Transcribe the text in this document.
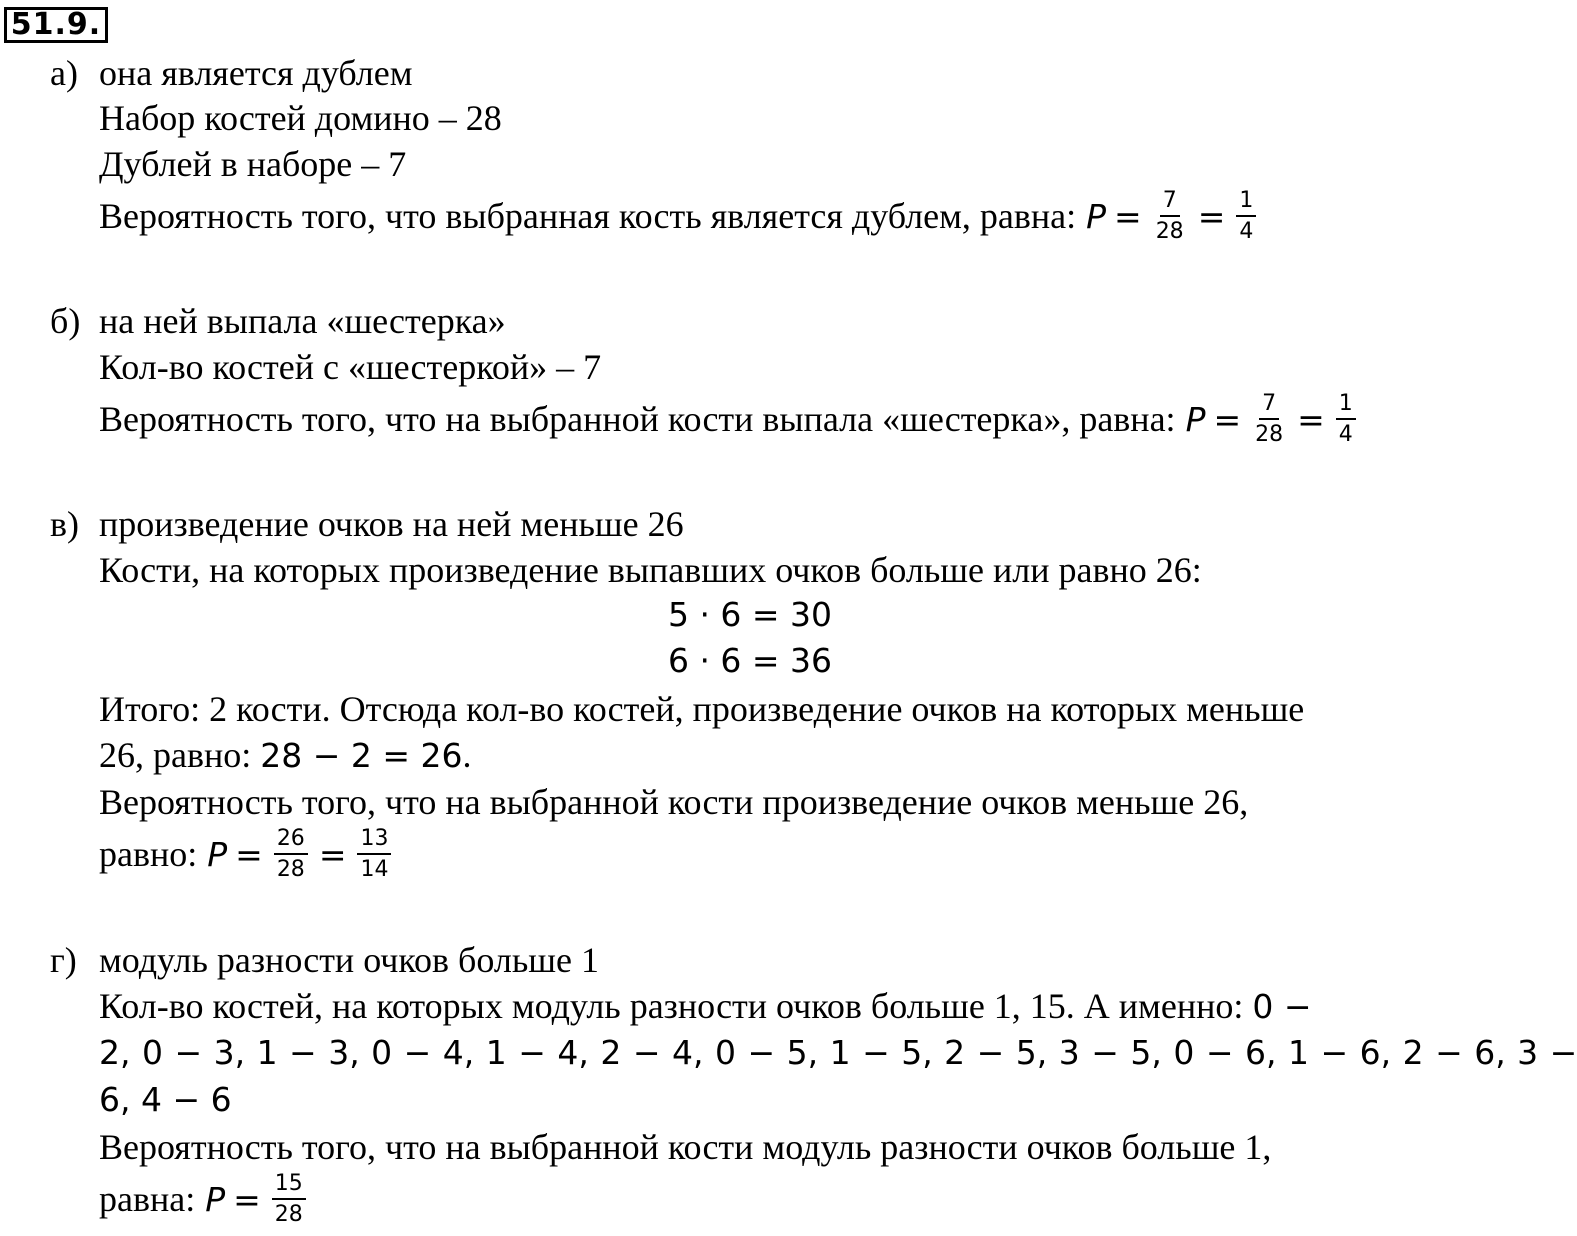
51.9.
а) она является дублем
Набор костей домино – 28
Дублей в наборе – 7
Вероятность того, что выбранная кость является дублем, равна: $P = \frac{7}{28} = \frac{1}{4}$
б) на ней выпала «шестерка»
Кол-во костей с «шестеркой» – 7
Вероятность того, что на выбранной кости выпала «шестерка», равна: $P = \frac{7}{28} = \frac{1}{4}$
в) произведение очков на ней меньше 26
Кости, на которых произведение выпавших очков больше или равно 26:
5 · 6 = 30
6 · 6 = 36
Итого: 2 кости. Отсюда кол-во костей, произведение очков на которых меньше
26, равно: 28 − 2 = 26.
Вероятность того, что на выбранной кости произведение очков меньше 26,
равно: $P = \frac{26}{28} = \frac{13}{14}$
г) модуль разности очков больше 1
Кол-во костей, на которых модуль разности очков больше 1, 15. А именно: 0 −
2, 0 − 3, 1 − 3, 0 − 4, 1 − 4, 2 − 4, 0 − 5, 1 − 5, 2 − 5, 3 − 5, 0 − 6, 1 − 6, 2 − 6, 3 −
6, 4 − 6
Вероятность того, что на выбранной кости модуль разности очков больше 1,
равна: $P = \frac{15}{28}$
